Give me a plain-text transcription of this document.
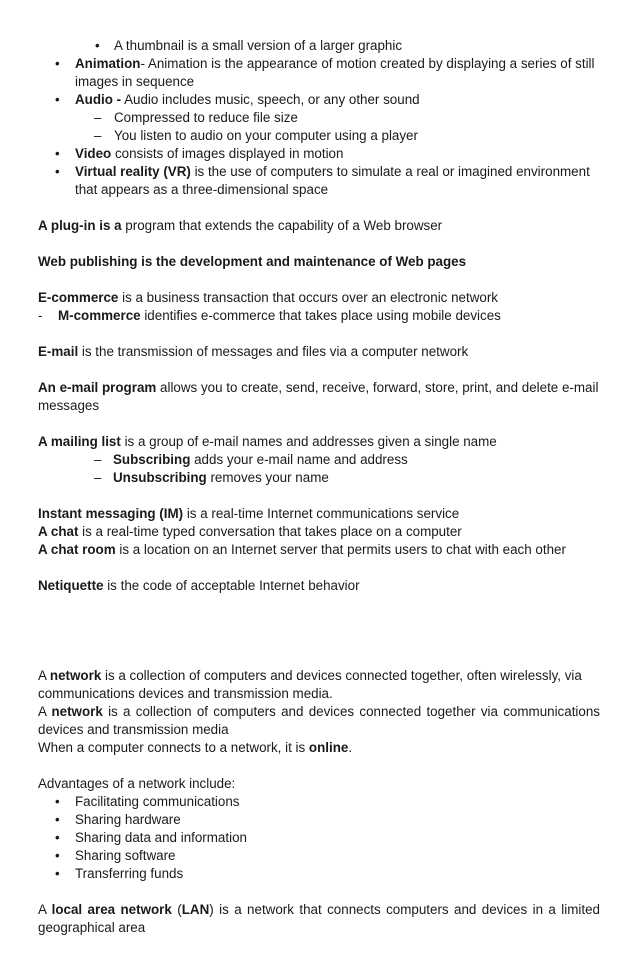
•	A thumbnail is a small version of a larger graphic
•	Animation- Animation is the appearance of motion created by displaying a series of still images in sequence
•	Audio - Audio includes music, speech, or any other sound
– Compressed to reduce file size
– You listen to audio on your computer using a player
•	Video consists of images displayed in motion
•	Virtual reality (VR) is the use of computers to simulate a real or imagined environment that appears as a three-dimensional space

A plug-in is a program that extends the capability of a Web browser

Web publishing is the development and maintenance of Web pages

E-commerce is a business transaction that occurs over an electronic network

-	M-commerce identifies e-commerce that takes place using mobile devices

E-mail is the transmission of messages and files via a computer network

An e-mail program allows you to create, send, receive, forward, store, print, and delete e-mail messages

A mailing list is a group of e-mail names and addresses given a single name

– Subscribing adds your e-mail name and address
– Unsubscribing removes your name

Instant messaging (IM) is a real-time Internet communications service

A chat is a real-time typed conversation that takes place on a computer

A chat room is a location on an Internet server that permits users to chat with each other

Netiquette is the code of acceptable Internet behavior

A network is a collection of computers and devices connected together, often wirelessly, via communications devices and transmission media.

A network is a collection of computers and devices connected together via communications devices and transmission media

When a computer connects to a network, it is online.

Advantages of a network include:

•	Facilitating communications
•	Sharing hardware
•	Sharing data and information
•	Sharing software
•	Transferring funds

A local area network (LAN) is a network that connects computers and devices in a limited geographical area
